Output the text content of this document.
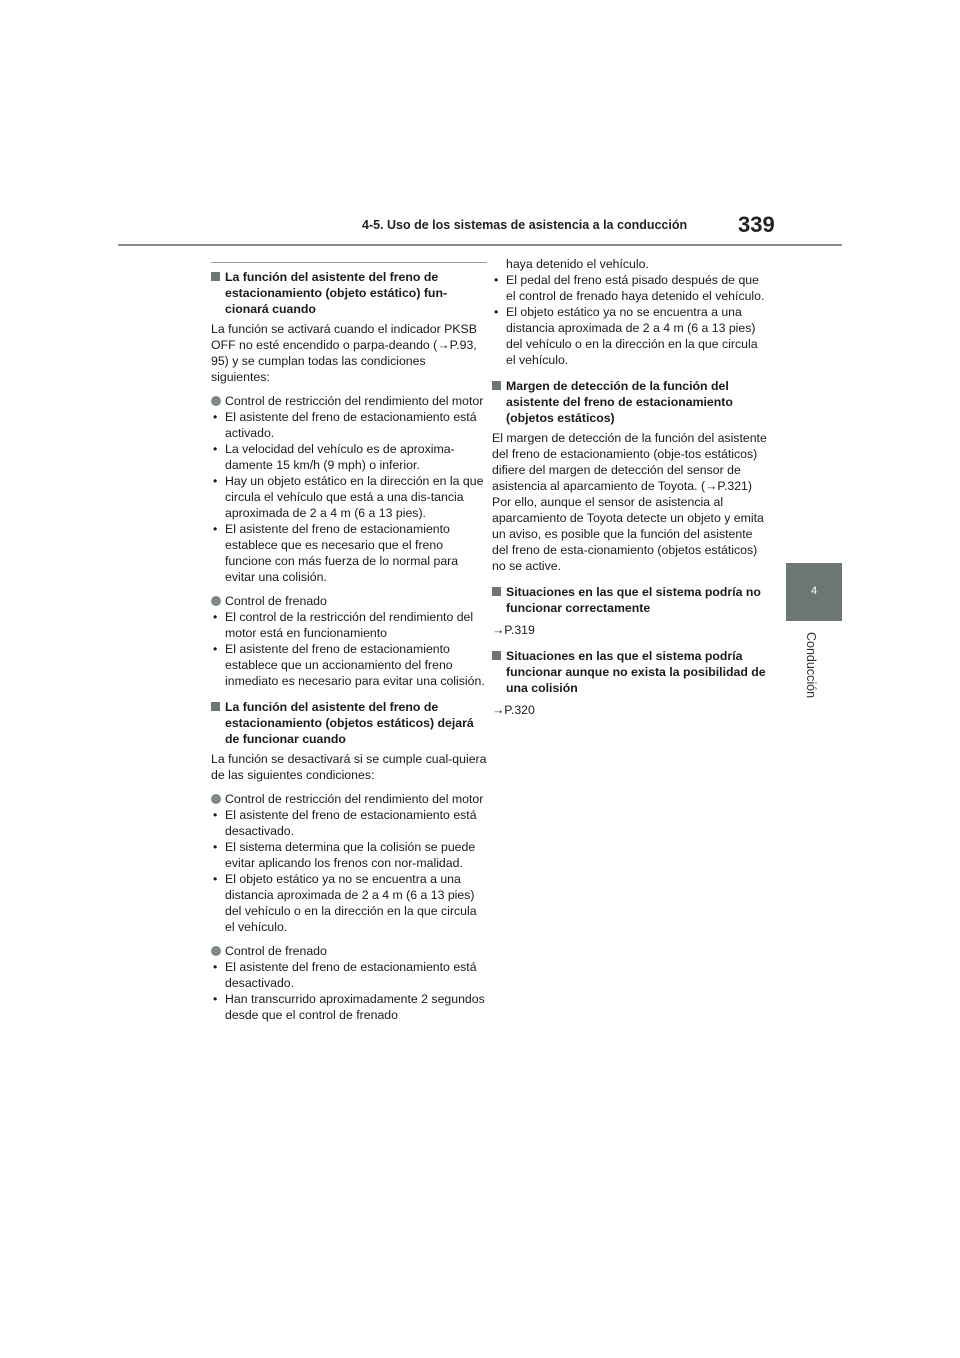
4-5. Uso de los sistemas de asistencia a la conducción 339
4
Conducción
La función del asistente del freno de estacionamiento (objeto estático) fun-cionará cuando

La función se activará cuando el indicador PKSB OFF no esté encendido o parpa-deando (→P.93, 95) y se cumplan todas las condiciones siguientes:

Control de restricción del rendimiento del motor
• El asistente del freno de estacionamiento está activado.
• La velocidad del vehículo es de aproxima-damente 15 km/h (9 mph) o inferior.
• Hay un objeto estático en la dirección en la que circula el vehículo que está a una dis-tancia aproximada de 2 a 4 m (6 a 13 pies).
• El asistente del freno de estacionamiento establece que es necesario que el freno funcione con más fuerza de lo normal para evitar una colisión.
Control de frenado
• El control de la restricción del rendimiento del motor está en funcionamiento
• El asistente del freno de estacionamiento establece que un accionamiento del freno inmediato es necesario para evitar una colisión.
La función del asistente del freno de estacionamiento (objetos estáticos) dejará de funcionar cuando

La función se desactivará si se cumple cual-quiera de las siguientes condiciones:

Control de restricción del rendimiento del motor
• El asistente del freno de estacionamiento está desactivado.
• El sistema determina que la colisión se puede evitar aplicando los frenos con nor-malidad.
• El objeto estático ya no se encuentra a una distancia aproximada de 2 a 4 m (6 a 13 pies) del vehículo o en la dirección en la que circula el vehículo.
Control de frenado
• El asistente del freno de estacionamiento está desactivado.
• Han transcurrido aproximadamente 2 segundos desde que el control de frenado
haya detenido el vehículo.
• El pedal del freno está pisado después de que el control de frenado haya detenido el vehículo.
• El objeto estático ya no se encuentra a una distancia aproximada de 2 a 4 m (6 a 13 pies) del vehículo o en la dirección en la que circula el vehículo.
Margen de detección de la función del asistente del freno de estacionamiento (objetos estáticos)

El margen de detección de la función del asistente del freno de estacionamiento (obje-tos estáticos) difiere del margen de detección del sensor de asistencia al aparcamiento de Toyota. (→P.321) Por ello, aunque el sensor de asistencia al aparcamiento de Toyota detecte un objeto y emita un aviso, es posible que la función del asistente del freno de esta-cionamiento (objetos estáticos) no se active.

Situaciones en las que el sistema podría no funcionar correctamente
→P.319
Situaciones en las que el sistema podría funcionar aunque no exista la posibilidad de una colisión
→P.320
